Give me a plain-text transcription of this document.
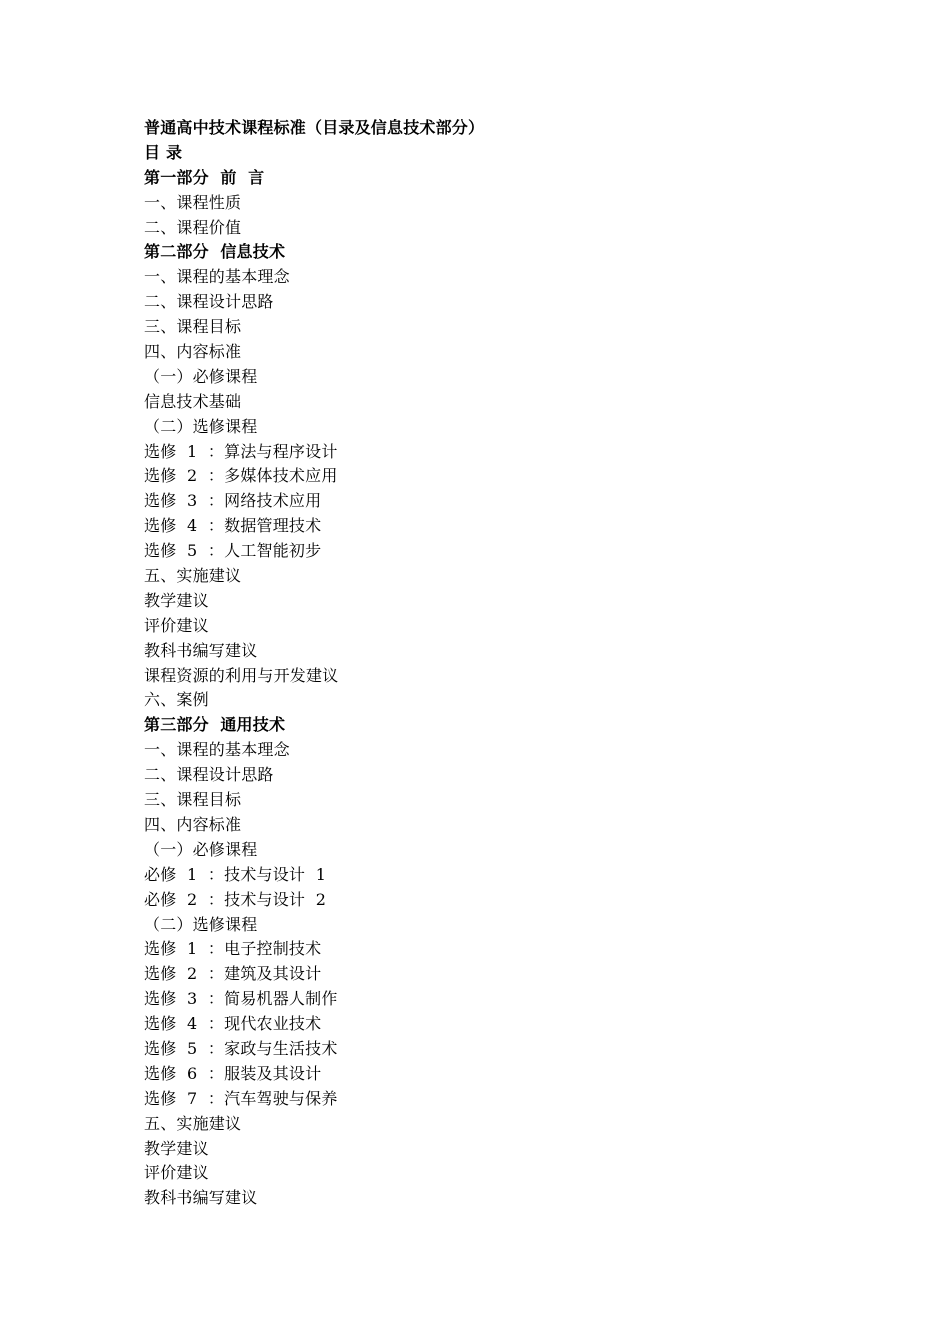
普通高中技术课程标准（目录及信息技术部分）
目 录
第一部分  前  言
一、课程性质
二、课程价值
第二部分  信息技术
一、课程的基本理念
二、课程设计思路
三、课程目标
四、内容标准
（一）必修课程
信息技术基础
（二）选修课程
选修  1  ：算法与程序设计
选修  2  ：多媒体技术应用
选修  3  ：网络技术应用
选修  4  ：数据管理技术
选修  5  ：人工智能初步
五、实施建议
教学建议
评价建议
教科书编写建议
课程资源的利用与开发建议
六、案例
第三部分  通用技术
一、课程的基本理念
二、课程设计思路
三、课程目标
四、内容标准
（一）必修课程
必修  1  ：技术与设计  1
必修  2  ：技术与设计  2
（二）选修课程
选修  1  ：电子控制技术
选修  2  ：建筑及其设计
选修  3  ：简易机器人制作
选修  4  ：现代农业技术
选修  5  ：家政与生活技术
选修  6  ：服装及其设计
选修  7  ：汽车驾驶与保养
五、实施建议
教学建议
评价建议
教科书编写建议
